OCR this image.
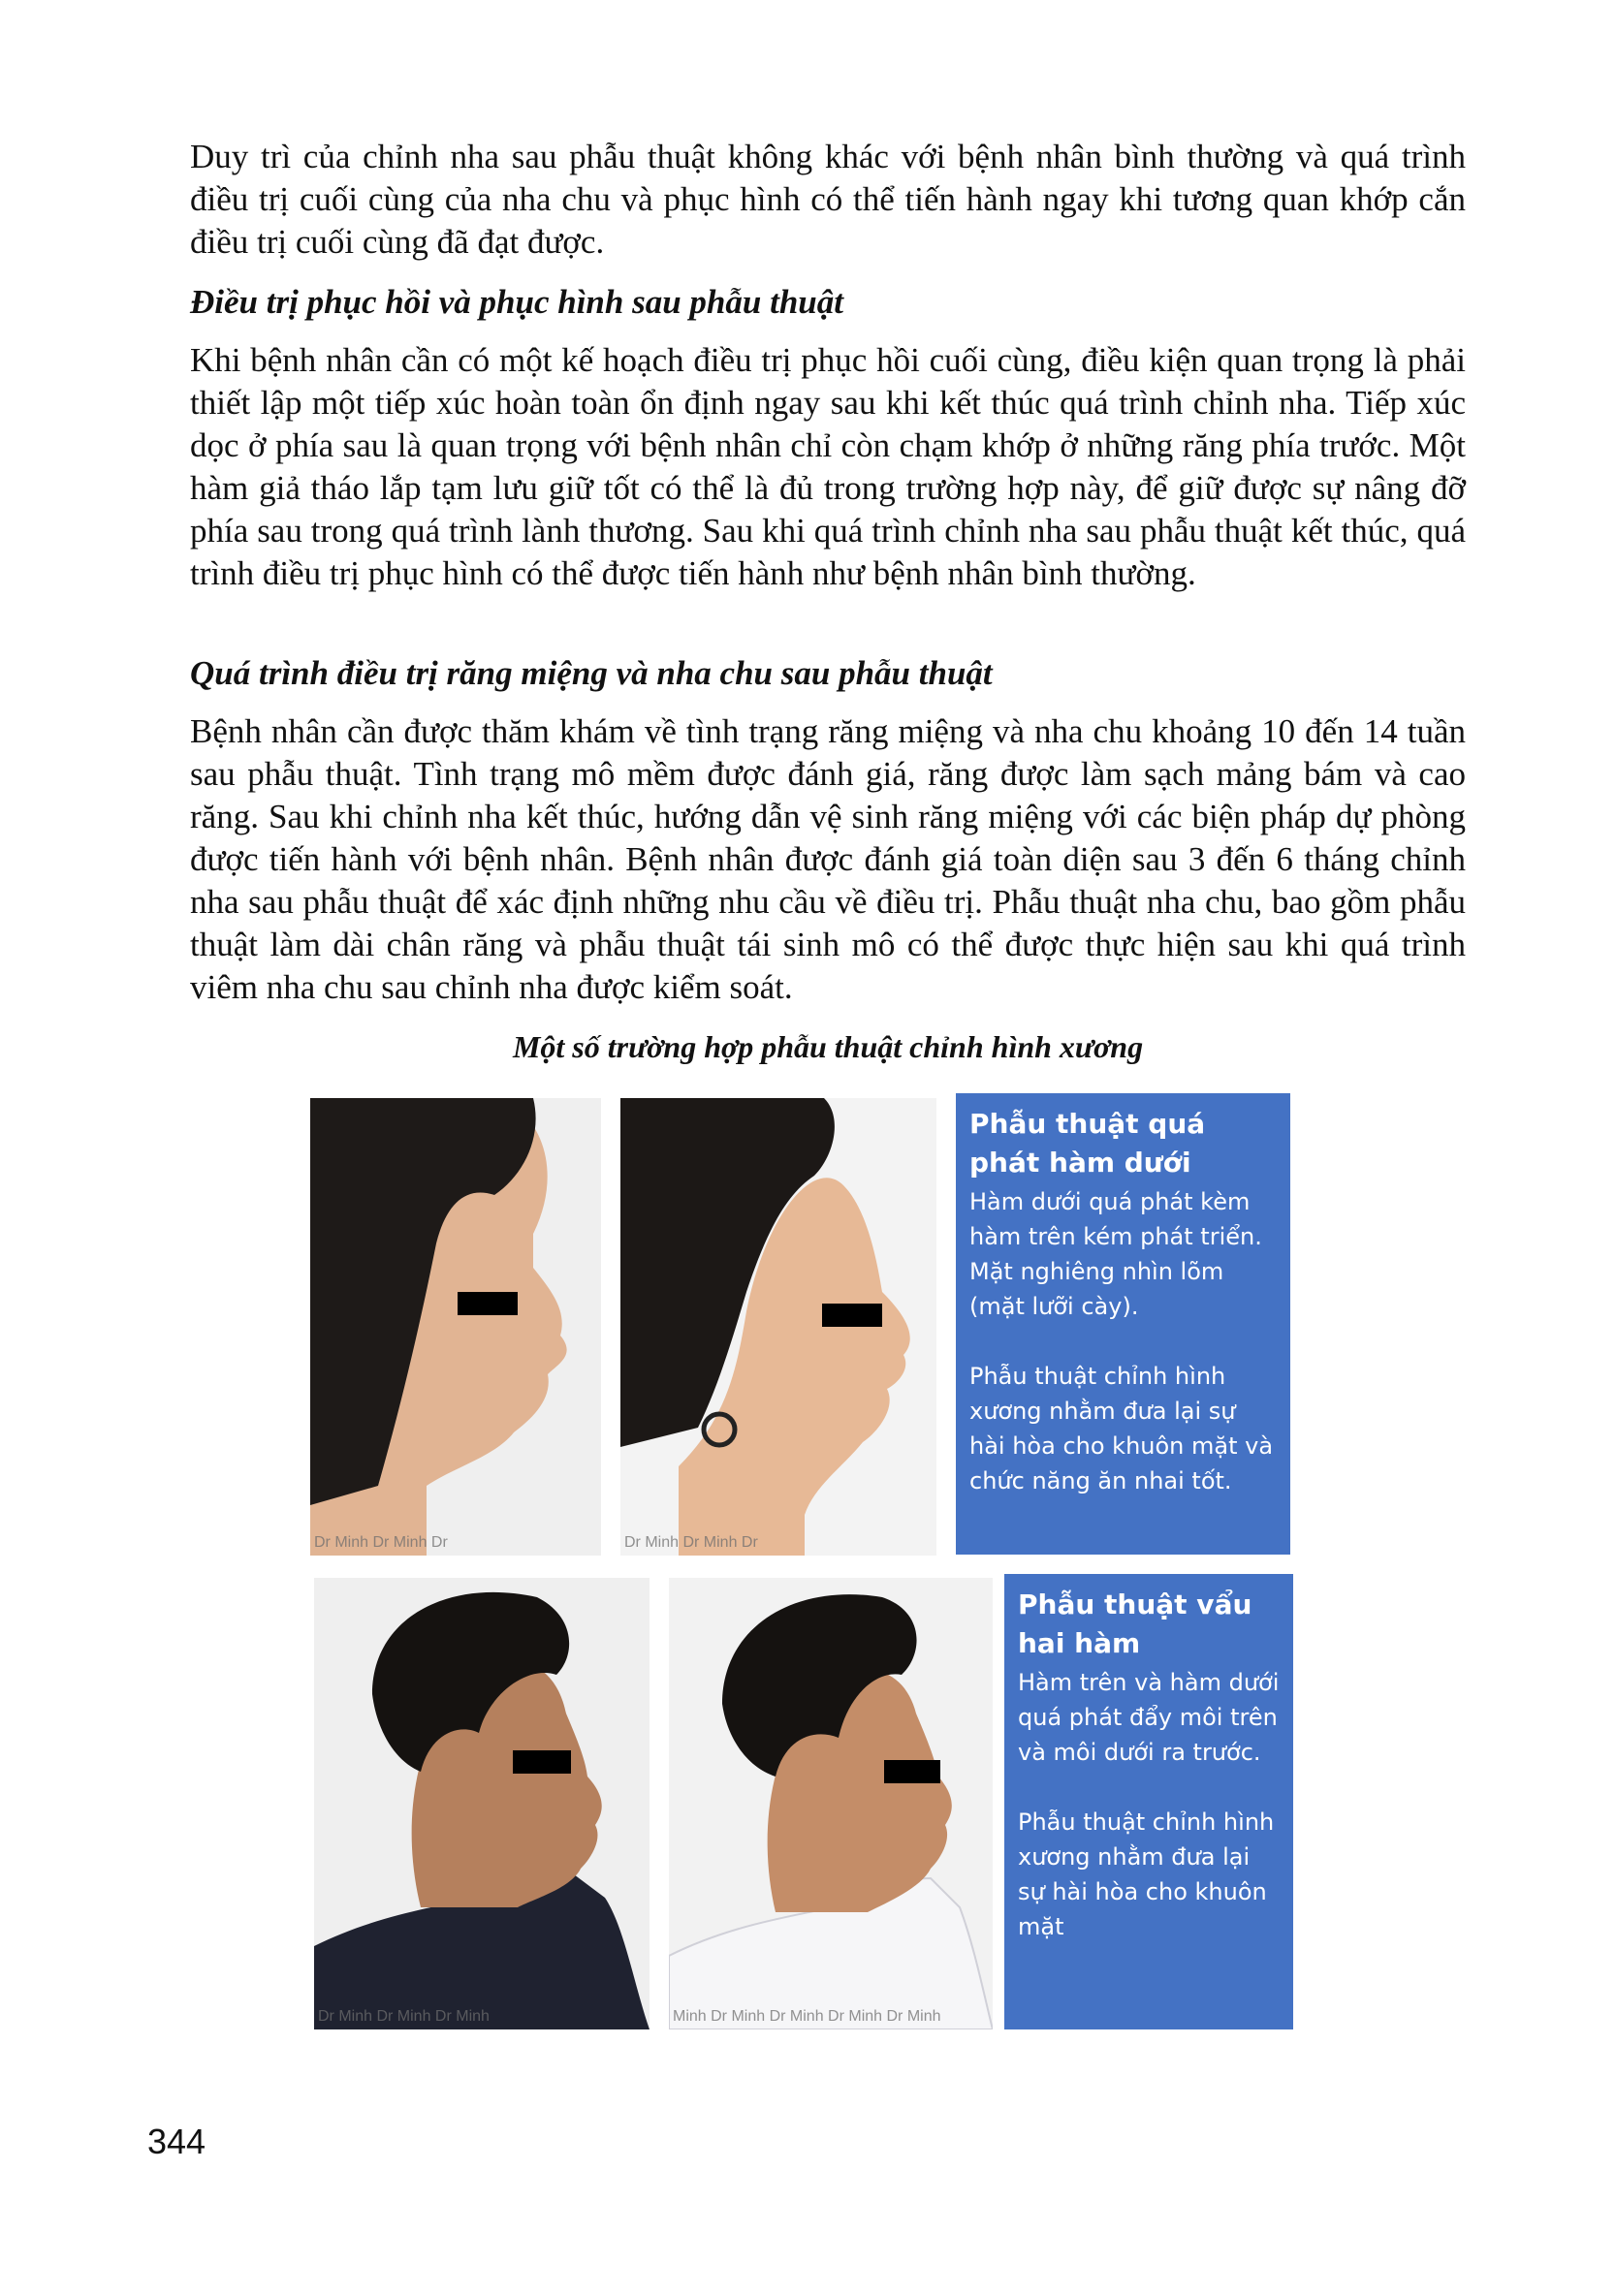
Duy trì của chỉnh nha sau phẫu thuật không khác với bệnh nhân bình thường và quá trình điều trị cuối cùng của nha chu và phục hình có thể tiến hành ngay khi tương quan khớp cắn điều trị cuối cùng đã đạt được.

Điều trị phục hồi và phục hình sau phẫu thuật

Khi bệnh nhân cần có một kế hoạch điều trị phục hồi cuối cùng, điều kiện quan trọng là phải thiết lập một tiếp xúc hoàn toàn ổn định ngay sau khi kết thúc quá trình chỉnh nha. Tiếp xúc dọc ở phía sau là quan trọng với bệnh nhân chỉ còn chạm khớp ở những răng phía trước. Một hàm giả tháo lắp tạm lưu giữ tốt có thể là đủ trong trường hợp này, để giữ được sự nâng đỡ phía sau trong quá trình lành thương. Sau khi quá trình chỉnh nha sau phẫu thuật kết thúc, quá trình điều trị phục hình có thể được tiến hành như bệnh nhân bình thường.

Quá trình điều trị răng miệng và nha chu sau phẫu thuật

Bệnh nhân cần được thăm khám về tình trạng răng miệng và nha chu khoảng 10 đến 14 tuần sau phẫu thuật. Tình trạng mô mềm được đánh giá, răng được làm sạch mảng bám và cao răng. Sau khi chỉnh nha kết thúc, hướng dẫn vệ sinh răng miệng với các biện pháp dự phòng được tiến hành với bệnh nhân. Bệnh nhân được đánh giá toàn diện sau 3 đến 6 tháng chỉnh nha sau phẫu thuật để xác định những nhu cầu về điều trị. Phẫu thuật nha chu, bao gồm phẫu thuật làm dài chân răng và phẫu thuật tái sinh mô có thể được thực hiện sau khi quá trình viêm nha chu sau chỉnh nha được kiểm soát.

Một số trường hợp phẫu thuật chỉnh hình xương
Dr Minh Dr Minh Dr	Dr Minh Dr Minh Dr

Phẫu thuật quá phát hàm dưới

Hàm dưới quá phát kèm hàm trên kém phát triển. Mặt nghiêng nhìn lõm (mặt lưỡi cày).

Phẫu thuật chỉnh hình xương nhằm đưa lại sự hài hòa cho khuôn mặt và chức năng ăn nhai tốt.

Dr Minh Dr Minh Dr Minh	Minh Dr Minh Dr Minh Dr Minh Dr Minh

Phẫu thuật vẩu hai hàm

Hàm trên và hàm dưới quá phát đẩy môi trên và môi dưới ra trước.

Phẫu thuật chỉnh hình xương nhằm đưa lại sự hài hòa cho khuôn mặt

344
